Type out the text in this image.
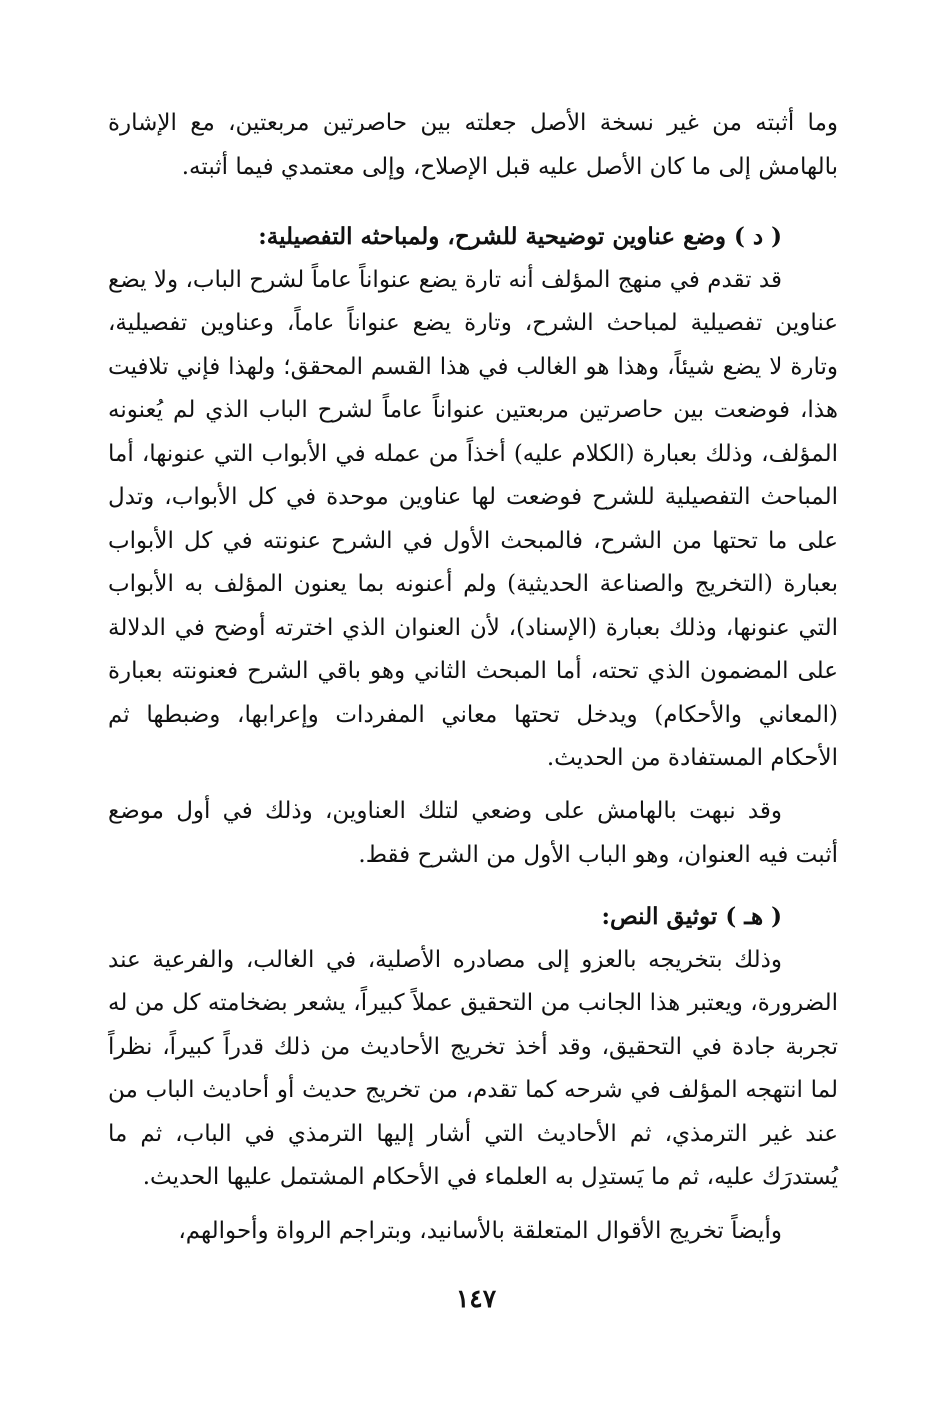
وما أثبته من غير نسخة الأصل جعلته بين حاصرتين مربعتين، مع الإشارة بالهامش إلى ما كان الأصل عليه قبل الإصلاح، وإلى معتمدي فيما أثبته.

( د ) وضع عناوين توضيحية للشرح، ولمباحثه التفصيلية:

قد تقدم في منهج المؤلف أنه تارة يضع عنواناً عاماً لشرح الباب، ولا يضع عناوين تفصيلية لمباحث الشرح، وتارة يضع عنواناً عاماً، وعناوين تفصيلية، وتارة لا يضع شيئاً، وهذا هو الغالب في هذا القسم المحقق؛ ولهذا فإني تلافيت هذا، فوضعت بين حاصرتين مربعتين عنواناً عاماً لشرح الباب الذي لم يُعنونه المؤلف، وذلك بعبارة (الكلام عليه) أخذاً من عمله في الأبواب التي عنونها، أما المباحث التفصيلية للشرح فوضعت لها عناوين موحدة في كل الأبواب، وتدل على ما تحتها من الشرح، فالمبحث الأول في الشرح عنونته في كل الأبواب بعبارة (التخريج والصناعة الحديثية) ولم أعنونه بما يعنون المؤلف به الأبواب التي عنونها، وذلك بعبارة (الإسناد)، لأن العنوان الذي اخترته أوضح في الدلالة على المضمون الذي تحته، أما المبحث الثاني وهو باقي الشرح فعنونته بعبارة (المعاني والأحكام) ويدخل تحتها معاني المفردات وإعرابها، وضبطها ثم الأحكام المستفادة من الحديث.

وقد نبهت بالهامش على وضعي لتلك العناوين، وذلك في أول موضع أثبت فيه العنوان، وهو الباب الأول من الشرح فقط.

( هـ ) توثيق النص:

وذلك بتخريجه بالعزو إلى مصادره الأصلية، في الغالب، والفرعية عند الضرورة، ويعتبر هذا الجانب من التحقيق عملاً كبيراً، يشعر بضخامته كل من له تجربة جادة في التحقيق، وقد أخذ تخريج الأحاديث من ذلك قدراً كبيراً، نظراً لما انتهجه المؤلف في شرحه كما تقدم، من تخريج حديث أو أحاديث الباب من عند غير الترمذي، ثم الأحاديث التي أشار إليها الترمذي في الباب، ثم ما يُستدرَك عليه، ثم ما يَستدِل به العلماء في الأحكام المشتمل عليها الحديث.

وأيضاً تخريج الأقوال المتعلقة بالأسانيد، وبتراجم الرواة وأحوالهم،

١٤٧
